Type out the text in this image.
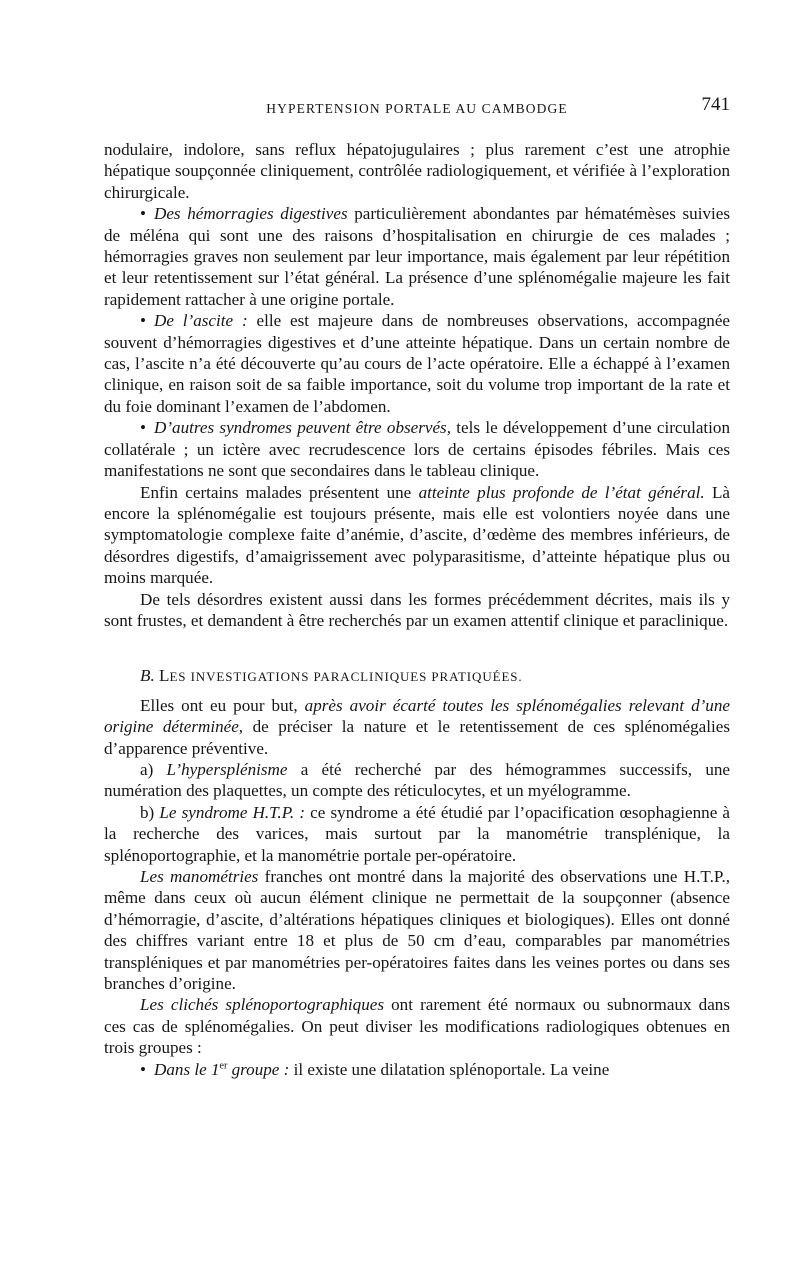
HYPERTENSION PORTALE AU CAMBODGE	741

nodulaire, indolore, sans reflux hépatojugulaires ; plus rarement c’est une atrophie hépatique soupçonnée cliniquement, contrôlée radiologiquement, et vérifiée à l’exploration chirurgicale.

• Des hémorragies digestives particulièrement abondantes par hématémèses suivies de méléna qui sont une des raisons d’hospitalisation en chirurgie de ces malades ; hémorragies graves non seulement par leur importance, mais également par leur répétition et leur retentissement sur l’état général. La présence d’une splénomégalie majeure les fait rapidement rattacher à une origine portale.

• De l’ascite : elle est majeure dans de nombreuses observations, accompagnée souvent d’hémorragies digestives et d’une atteinte hépatique. Dans un certain nombre de cas, l’ascite n’a été découverte qu’au cours de l’acte opératoire. Elle a échappé à l’examen clinique, en raison soit de sa faible importance, soit du volume trop important de la rate et du foie dominant l’examen de l’abdomen.

• D’autres syndromes peuvent être observés, tels le développement d’une circulation collatérale ; un ictère avec recrudescence lors de certains épisodes fébriles. Mais ces manifestations ne sont que secondaires dans le tableau clinique.

Enfin certains malades présentent une atteinte plus profonde de l’état général. Là encore la splénomégalie est toujours présente, mais elle est volontiers noyée dans une symptomatologie complexe faite d’anémie, d’ascite, d’œdème des membres inférieurs, de désordres digestifs, d’amaigrissement avec polyparasitisme, d’atteinte hépatique plus ou moins marquée.

De tels désordres existent aussi dans les formes précédemment décrites, mais ils y sont frustes, et demandent à être recherchés par un examen attentif clinique et paraclinique.

B. LES INVESTIGATIONS PARACLINIQUES PRATIQUÉES.

Elles ont eu pour but, après avoir écarté toutes les splénomégalies relevant d’une origine déterminée, de préciser la nature et le retentissement de ces splénomégalies d’apparence préventive.

a) L’hypersplénisme a été recherché par des hémogrammes successifs, une numération des plaquettes, un compte des réticulocytes, et un myélogramme.

b) Le syndrome H.T.P. : ce syndrome a été étudié par l’opacification œsophagienne à la recherche des varices, mais surtout par la manométrie transplénique, la splénoportographie, et la manométrie portale per-opératoire.

Les manométries franches ont montré dans la majorité des observations une H.T.P., même dans ceux où aucun élément clinique ne permettait de la soupçonner (absence d’hémorragie, d’ascite, d’altérations hépatiques cliniques et biologiques). Elles ont donné des chiffres variant entre 18 et plus de 50 cm d’eau, comparables par manométries transpléniques et par manométries per-opératoires faites dans les veines portes ou dans ses branches d’origine.

Les clichés splénoportographiques ont rarement été normaux ou subnormaux dans ces cas de splénomégalies. On peut diviser les modifications radiologiques obtenues en trois groupes :

• Dans le 1er groupe : il existe une dilatation splénoportale. La veine
